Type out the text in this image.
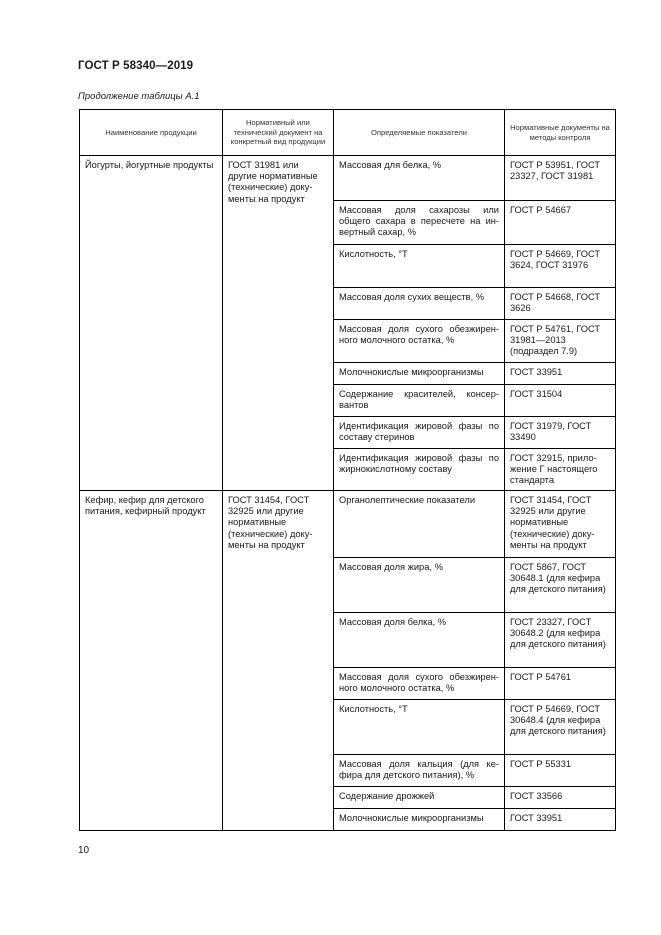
ГОСТ Р 58340—2019
Продолжение таблицы А.1
Наименование продукции	Нормативный или технический документ на конкретный вид продукции	Определяемые показатели	Нормативные документы на методы контроля
Йогурты, йогуртные продукты	ГОСТ 31981 или другие нормативные (технические) доку-менты на продукт	Массовая для белка, %	ГОСТ Р 53951, ГОСТ 23327, ГОСТ 31981
		Массовая доля сахарозы или общего сахара в пересчете на ин-вертный сахар, %	ГОСТ Р 54667
		Кислотность, °Т	ГОСТ Р 54669, ГОСТ 3624, ГОСТ 31976
		Массовая доля сухих веществ, %	ГОСТ Р 54668, ГОСТ 3626
		Массовая доля сухого обезжирен-ного молочного остатка, %	ГОСТ Р 54761, ГОСТ 31981—2013 (подраздел 7.9)
		Молочнокислые микроорганизмы	ГОСТ 33951
		Содержание красителей, консер-вантов	ГОСТ 31504
		Идентификация жировой фазы по составу стеринов	ГОСТ 31979, ГОСТ 33490
		Идентификация жировой фазы по жирнокислотному составу	ГОСТ 32915, прило-жение Г настоящего стандарта
Кефир, кефир для детского питания, кефирный продукт	ГОСТ 31454, ГОСТ 32925 или другие нормативные (технические) доку-менты на продукт	Органолептические показатели	ГОСТ 31454, ГОСТ 32925 или другие нормативные (технические) доку-менты на продукт
		Массовая доля жира, %	ГОСТ 5867, ГОСТ 30648.1 (для кефира для детского питания)
		Массовая доля белка, %	ГОСТ 23327, ГОСТ 30648.2 (для кефира для детского питания)
		Массовая доля сухого обезжирен-ного молочного остатка, %	ГОСТ Р 54761
		Кислотность, °Т	ГОСТ Р 54669, ГОСТ 30648.4 (для кефира для детского питания)
		Массовая доля кальция (для ке-фира для детского питания), %	ГОСТ Р 55331
		Содержание дрожжей	ГОСТ 33566
		Молочнокислые микроорганизмы	ГОСТ 33951
10
